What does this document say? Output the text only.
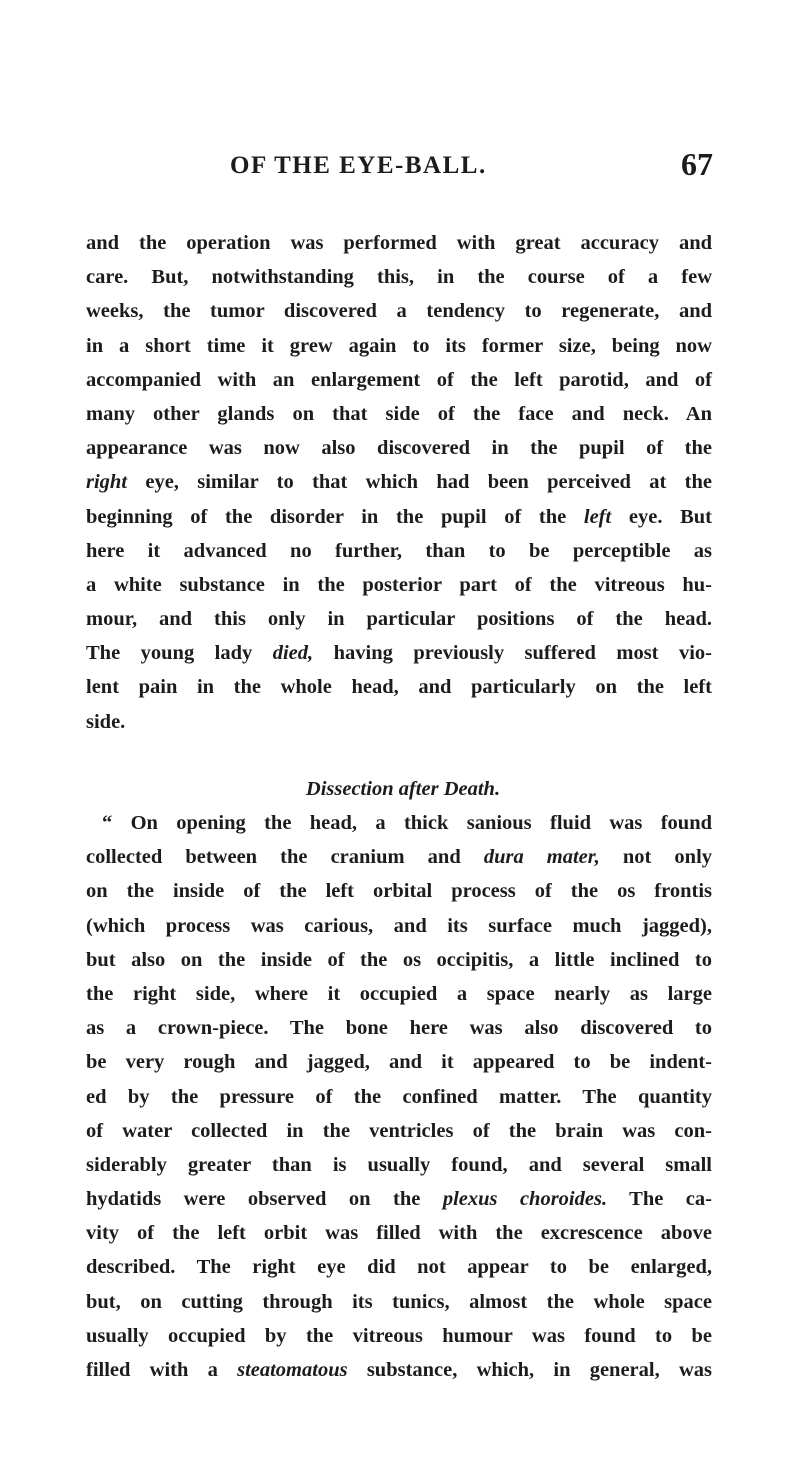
OF THE EYE-BALL.	67
and the operation was performed with great accuracy and
care. But, notwithstanding this, in the course of a few
weeks, the tumor discovered a tendency to regenerate, and
in a short time it grew again to its former size, being now
accompanied with an enlargement of the left parotid, and of
many other glands on that side of the face and neck. An
appearance was now also discovered in the pupil of the
right eye, similar to that which had been perceived at the
beginning of the disorder in the pupil of the left eye. But
here it advanced no further, than to be perceptible as
a white substance in the posterior part of the vitreous hu-
mour, and this only in particular positions of the head.
The young lady died, having previously suffered most vio-
lent pain in the whole head, and particularly on the left
side.
Dissection after Death.
“ On opening the head, a thick sanious fluid was found
collected between the cranium and dura mater, not only
on the inside of the left orbital process of the os frontis
(which process was carious, and its surface much jagged),
but also on the inside of the os occipitis, a little inclined to
the right side, where it occupied a space nearly as large
as a crown-piece. The bone here was also discovered to
be very rough and jagged, and it appeared to be indent-
ed by the pressure of the confined matter. The quantity
of water collected in the ventricles of the brain was con-
siderably greater than is usually found, and several small
hydatids were observed on the plexus choroides. The ca-
vity of the left orbit was filled with the excrescence above
described. The right eye did not appear to be enlarged,
but, on cutting through its tunics, almost the whole space
usually occupied by the vitreous humour was found to be
filled with a steatomatous substance, which, in general, was
